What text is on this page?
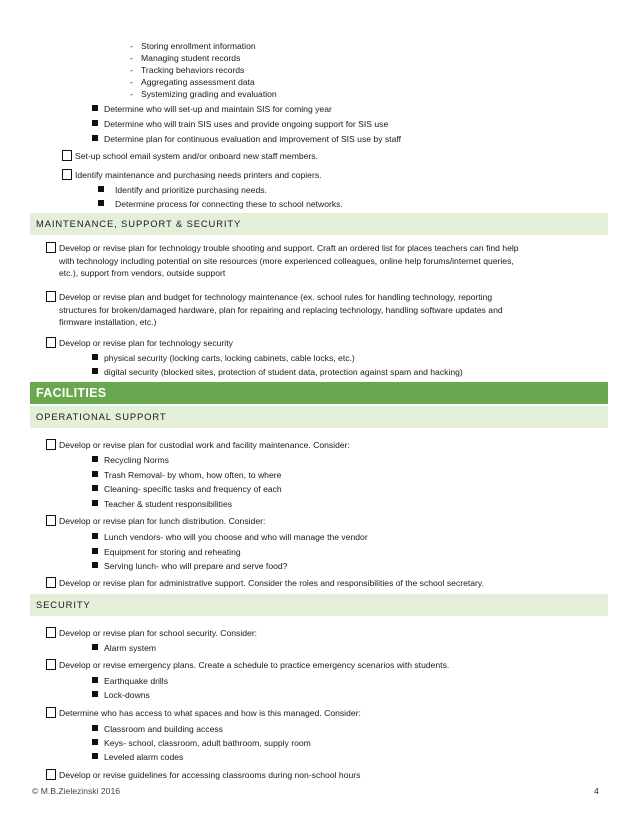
- Storing enrollment information
- Managing student records
- Tracking behaviors records
- Aggregating assessment data
- Systemizing grading and evaluation
Determine who will set-up and maintain SIS for coming year
Determine who will train SIS uses and provide ongoing support for SIS use
Determine plan for continuous evaluation and improvement of SIS use by staff
Set-up school email system and/or onboard new staff members.
Identify maintenance and purchasing needs printers and copiers.
Identify and prioritize purchasing needs.
Determine process for connecting these to school networks.
MAINTENANCE, SUPPORT & SECURITY
Develop or revise plan for technology trouble shooting and support. Craft an ordered list for places teachers can find help
with technology including potential on site resources (more experienced colleagues, online help forums/internet queries,
etc.), support from vendors, outside support
Develop or revise plan and budget for technology maintenance (ex. school rules for handling technology, reporting
structures for broken/damaged hardware, plan for repairing and replacing technology, handling software updates and
firmware installation, etc.)
Develop or revise plan for technology security
physical security (locking carts, locking cabinets, cable locks, etc.)
digital security (blocked sites, protection of student data, protection against spam and hacking)
FACILITIES
OPERATIONAL SUPPORT
Develop or revise plan for custodial work and facility maintenance. Consider:
Recycling Norms
Trash Removal- by whom, how often, to where
Cleaning- specific tasks and frequency of each
Teacher & student responsibilities
Develop or revise plan for lunch distribution. Consider:
Lunch vendors- who will you choose and who will manage the vendor
Equipment for storing and reheating
Serving lunch- who will prepare and serve food?
Develop or revise plan for administrative support. Consider the roles and responsibilities of the school secretary.
SECURITY
Develop or revise plan for school security. Consider:
Alarm system
Develop or revise emergency plans. Create a schedule to practice emergency scenarios with students.
Earthquake drills
Lock-downs
Determine who has access to what spaces and how is this managed. Consider:
Classroom and building access
Keys- school, classroom, adult bathroom, supply room
Leveled alarm codes
Develop or revise guidelines for accessing classrooms during non-school hours
© M.B.Zielezinski 2016	4
